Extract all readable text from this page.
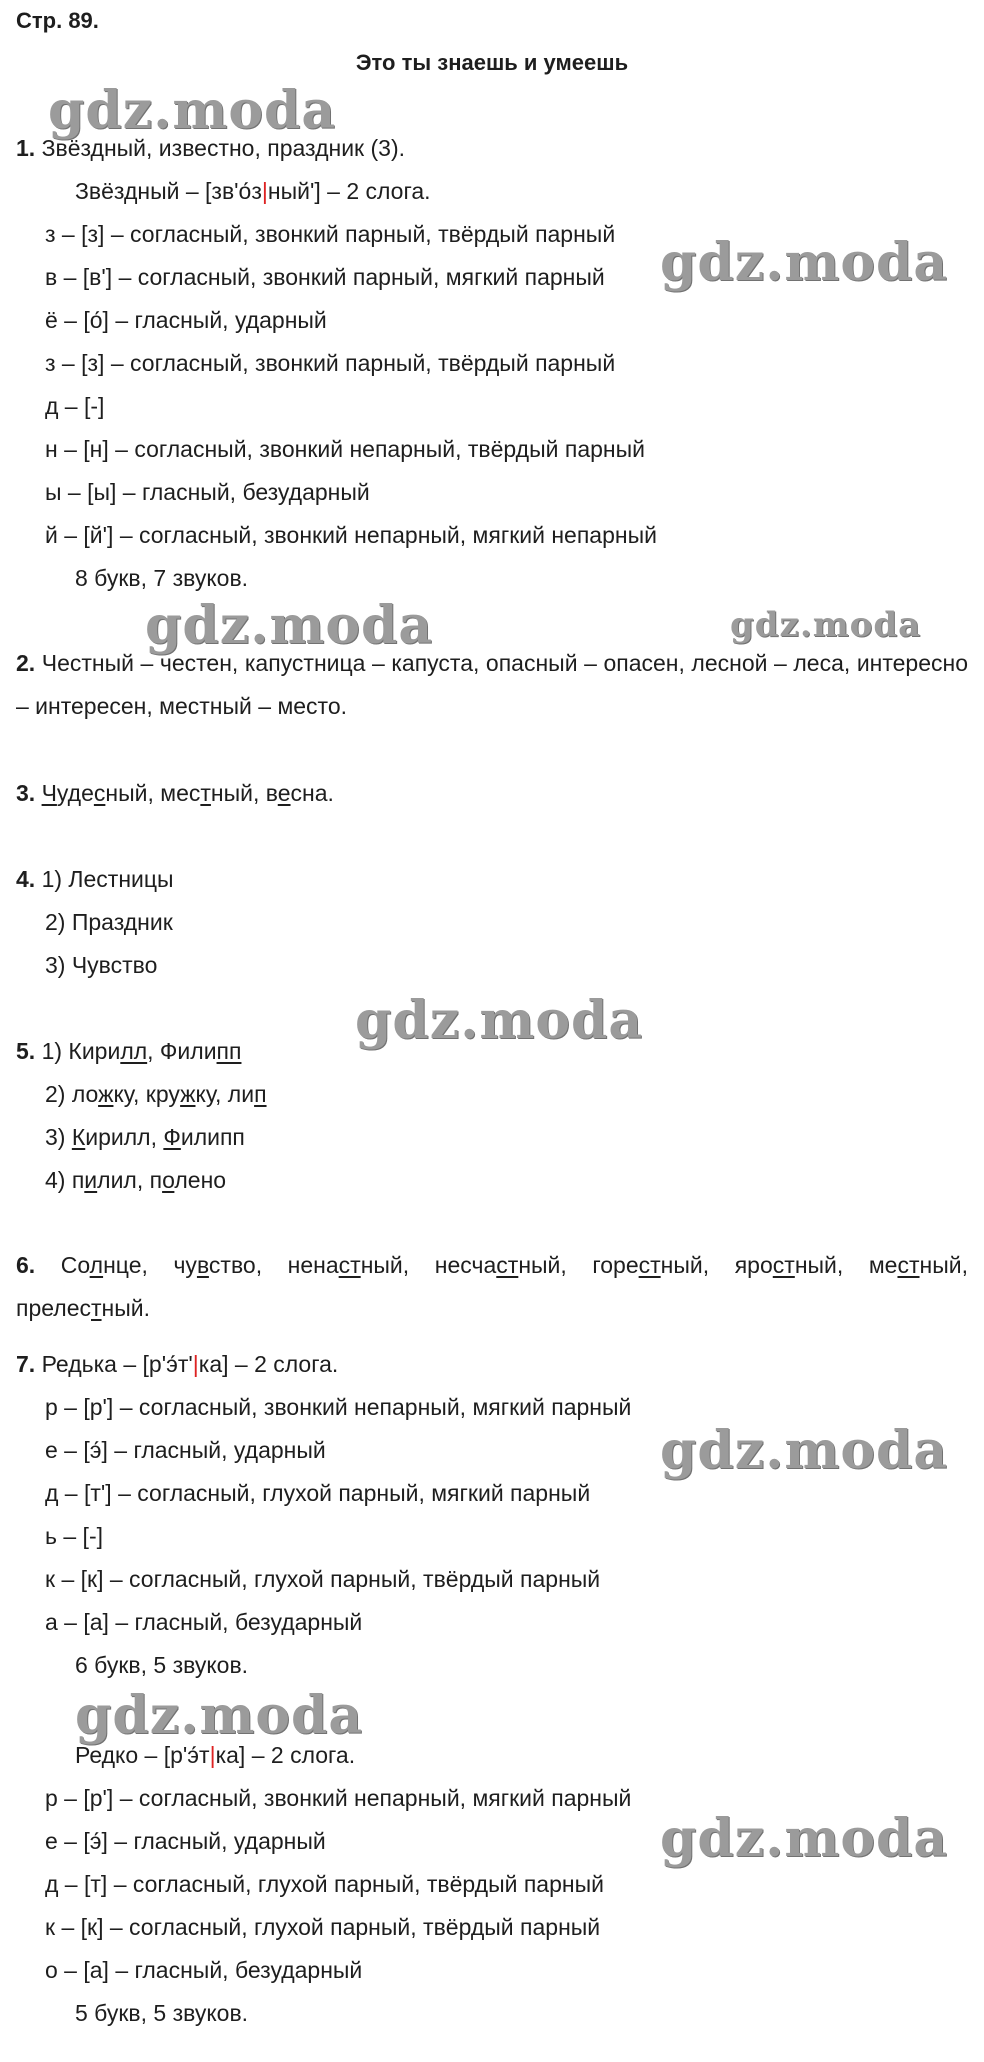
Стр. 89.
Это ты знаешь и умеешь
1. Звёздный, известно, праздник (3).
Звёздный – [зв'о́з|ный'] – 2 слога.
з – [з] – согласный, звонкий парный, твёрдый парный
в – [в'] – согласный, звонкий парный, мягкий парный
ё – [о́] – гласный, ударный
з – [з] – согласный, звонкий парный, твёрдый парный
д – [-]
н – [н] – согласный, звонкий непарный, твёрдый парный
ы – [ы] – гласный, безударный
й – [й'] – согласный, звонкий непарный, мягкий непарный
8 букв, 7 звуков.
2. Честный – честен, капустница – капуста, опасный – опасен, лесной – леса, интересно – интересен, местный – место.
3. Чудесный, местный, весна.
4. 1) Лестницы
2) Праздник
3) Чувство
5. 1) Кирилл, Филипп
2) ложку, кружку, лип
3) Кирилл, Филипп
4) пилил, полено
6. Солнце, чувство, ненастный, несчастный, горестный, яростный, местный, прелестный.
7. Редька – [р'э́т'|ка] – 2 слога.
р – [р'] – согласный, звонкий непарный, мягкий парный
е – [э́] – гласный, ударный
д – [т'] – согласный, глухой парный, мягкий парный
ь – [-]
к – [к] – согласный, глухой парный, твёрдый парный
а – [а] – гласный, безударный
6 букв, 5 звуков.
Редко – [р'э́т|ка] – 2 слога.
р – [р'] – согласный, звонкий непарный, мягкий парный
е – [э́] – гласный, ударный
д – [т] – согласный, глухой парный, твёрдый парный
к – [к] – согласный, глухой парный, твёрдый парный
о – [а] – гласный, безударный
5 букв, 5 звуков.
gdz.moda
gdz.moda
gdz.moda	gdz.moda
gdz.moda
gdz.moda
gdz.moda
gdz.moda
